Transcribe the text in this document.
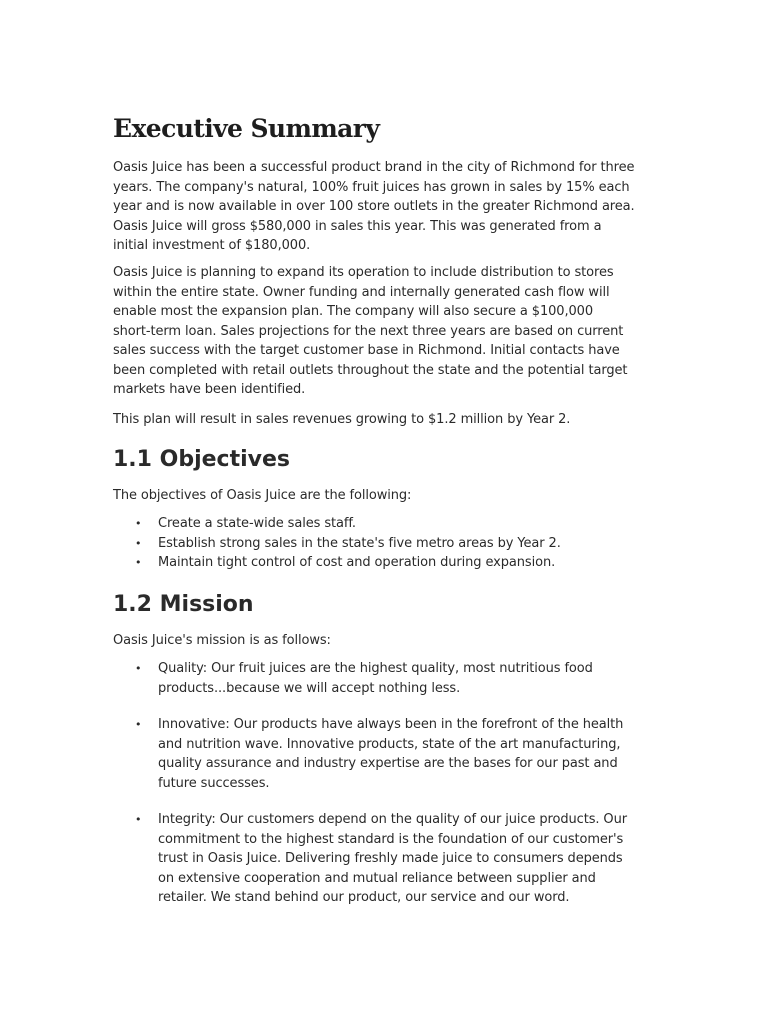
Executive Summary

Oasis Juice has been a successful product brand in the city of Richmond for three
years. The company's natural, 100% fruit juices has grown in sales by 15% each
year and is now available in over 100 store outlets in the greater Richmond area.
Oasis Juice will gross $580,000 in sales this year. This was generated from a
initial investment of $180,000.

Oasis Juice is planning to expand its operation to include distribution to stores
within the entire state. Owner funding and internally generated cash flow will
enable most the expansion plan. The company will also secure a $100,000
short-term loan. Sales projections for the next three years are based on current
sales success with the target customer base in Richmond. Initial contacts have
been completed with retail outlets throughout the state and the potential target
markets have been identified.

This plan will result in sales revenues growing to $1.2 million by Year 2.

1.1 Objectives

The objectives of Oasis Juice are the following:

• Create a state-wide sales staff.
• Establish strong sales in the state's five metro areas by Year 2.
• Maintain tight control of cost and operation during expansion.
1.2 Mission

Oasis Juice's mission is as follows:

• Quality: Our fruit juices are the highest quality, most nutritious food
products...because we will accept nothing less.
• Innovative: Our products have always been in the forefront of the health
and nutrition wave. Innovative products, state of the art manufacturing,
quality assurance and industry expertise are the bases for our past and
future successes.
• Integrity: Our customers depend on the quality of our juice products. Our
commitment to the highest standard is the foundation of our customer's
trust in Oasis Juice. Delivering freshly made juice to consumers depends
on extensive cooperation and mutual reliance between supplier and
retailer. We stand behind our product, our service and our word.
